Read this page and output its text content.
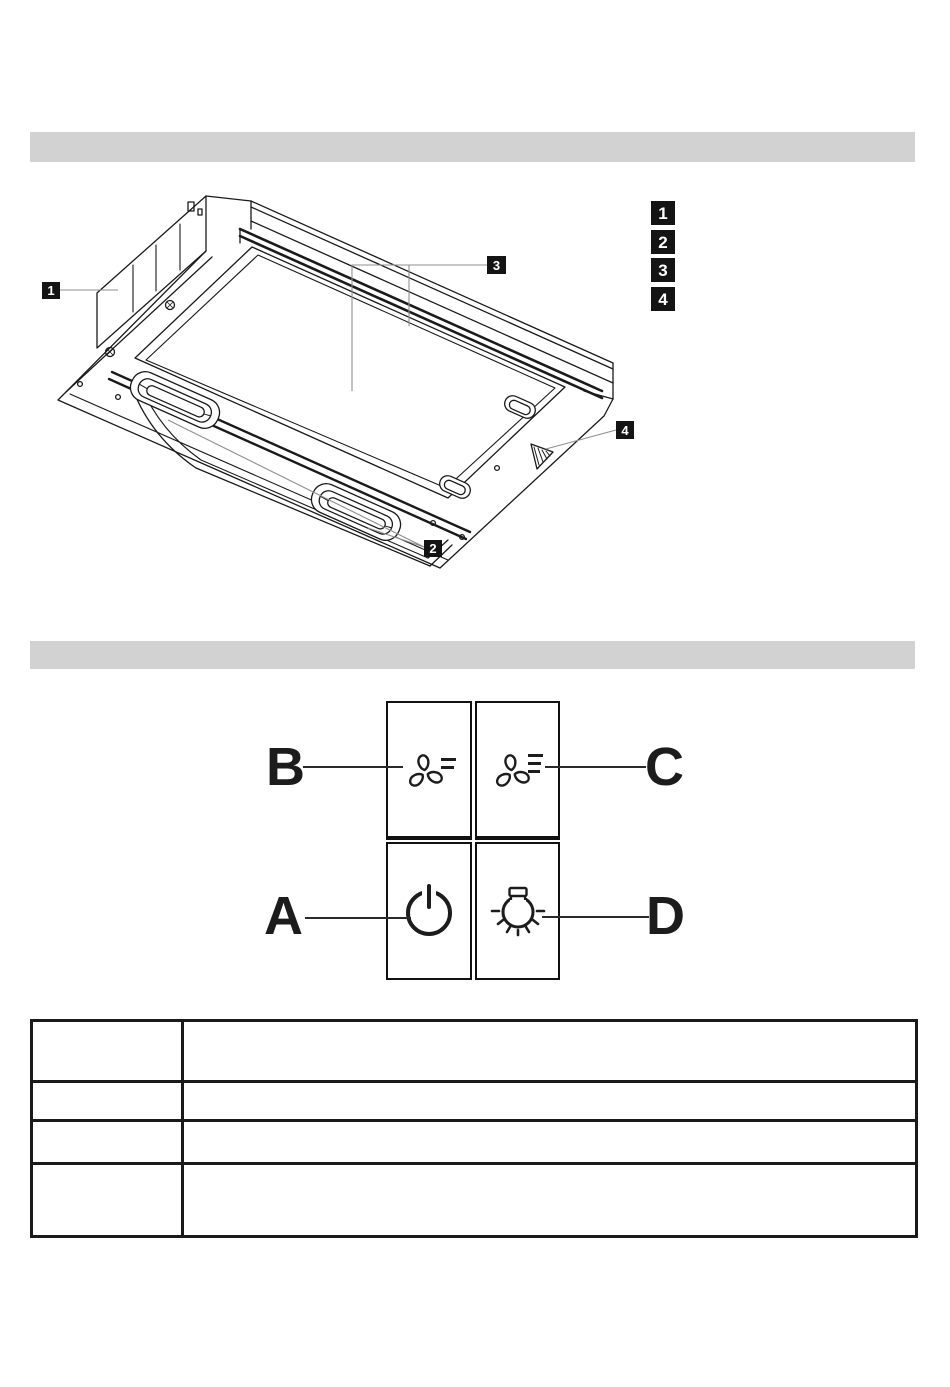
1
2
3
4
1
2
3
4
B	C
A	D
